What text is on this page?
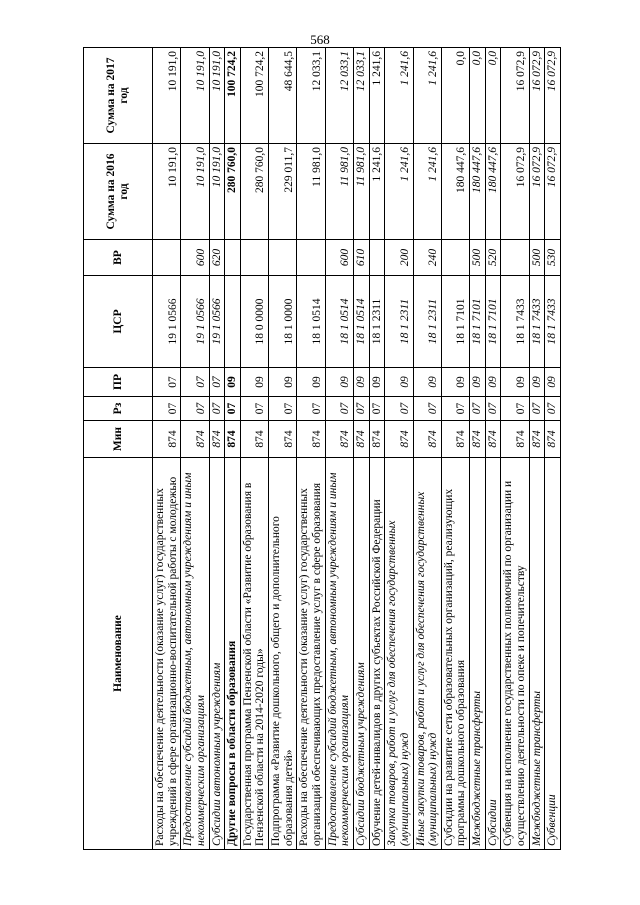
568
Наименование	Мин	Рз	ПР	ЦСР	ВР	Сумма на 2016 год	Сумма на 2017 год
Расходы на обеспечение деятельности (оказание услуг) государственных учреждений в сфере организационно-воспитательной работы с молодежью	874	07	07	19 1 0566		10 191,0	10 191,0
Предоставление субсидий бюджетным, автономным учреждениям и иным некоммерческим организациям	874	07	07	19 1 0566	600	10 191,0	10 191,0
Субсидии автономным учреждениям	874	07	07	19 1 0566	620	10 191,0	10 191,0
Другие вопросы в области образования	874	07	09			280 760,0	100 724,2
Государственная программа Пензенской области «Развитие образования в Пензенской области на 2014-2020 годы»	874	07	09	18 0 0000		280 760,0	100 724,2
Подпрограмма «Развитие дошкольного, общего и дополнительного образования детей»	874	07	09	18 1 0000		229 011,7	48 644,5
Расходы на обеспечение деятельности (оказание услуг) государственных организаций обеспечивающих предоставление услуг в сфере образования	874	07	09	18 1 0514		11 981,0	12 033,1
Предоставление субсидий бюджетным, автономным учреждениям и иным некоммерческим организациям	874	07	09	18 1 0514	600	11 981,0	12 033,1
Субсидии бюджетным учреждениям	874	07	09	18 1 0514	610	11 981,0	12 033,1
Обучение детей-инвалидов в других субъектах Российской Федерации	874	07	09	18 1 2311		1 241,6	1 241,6
Закупка товаров, работ и услуг для обеспечения государственных (муниципальных) нужд	874	07	09	18 1 2311	200	1 241,6	1 241,6
Иные закупки товаров, работ и услуг для обеспечения государственных (муниципальных) нужд	874	07	09	18 1 2311	240	1 241,6	1 241,6
Субсидии на развитие сети образовательных организаций, реализующих программы дошкольного образования	874	07	09	18 1 7101		180 447,6	0,0
Межбюджетные трансферты	874	07	09	18 1 7101	500	180 447,6	0,0
Субсидии	874	07	09	18 1 7101	520	180 447,6	0,0
Субвенция на исполнение государственных полномочий по организации и осуществлению деятельности по опеке и попечительству	874	07	09	18 1 7433		16 072,9	16 072,9
Межбюджетные трансферты	874	07	09	18 1 7433	500	16 072,9	16 072,9
Субвенции	874	07	09	18 1 7433	530	16 072,9	16 072,9
